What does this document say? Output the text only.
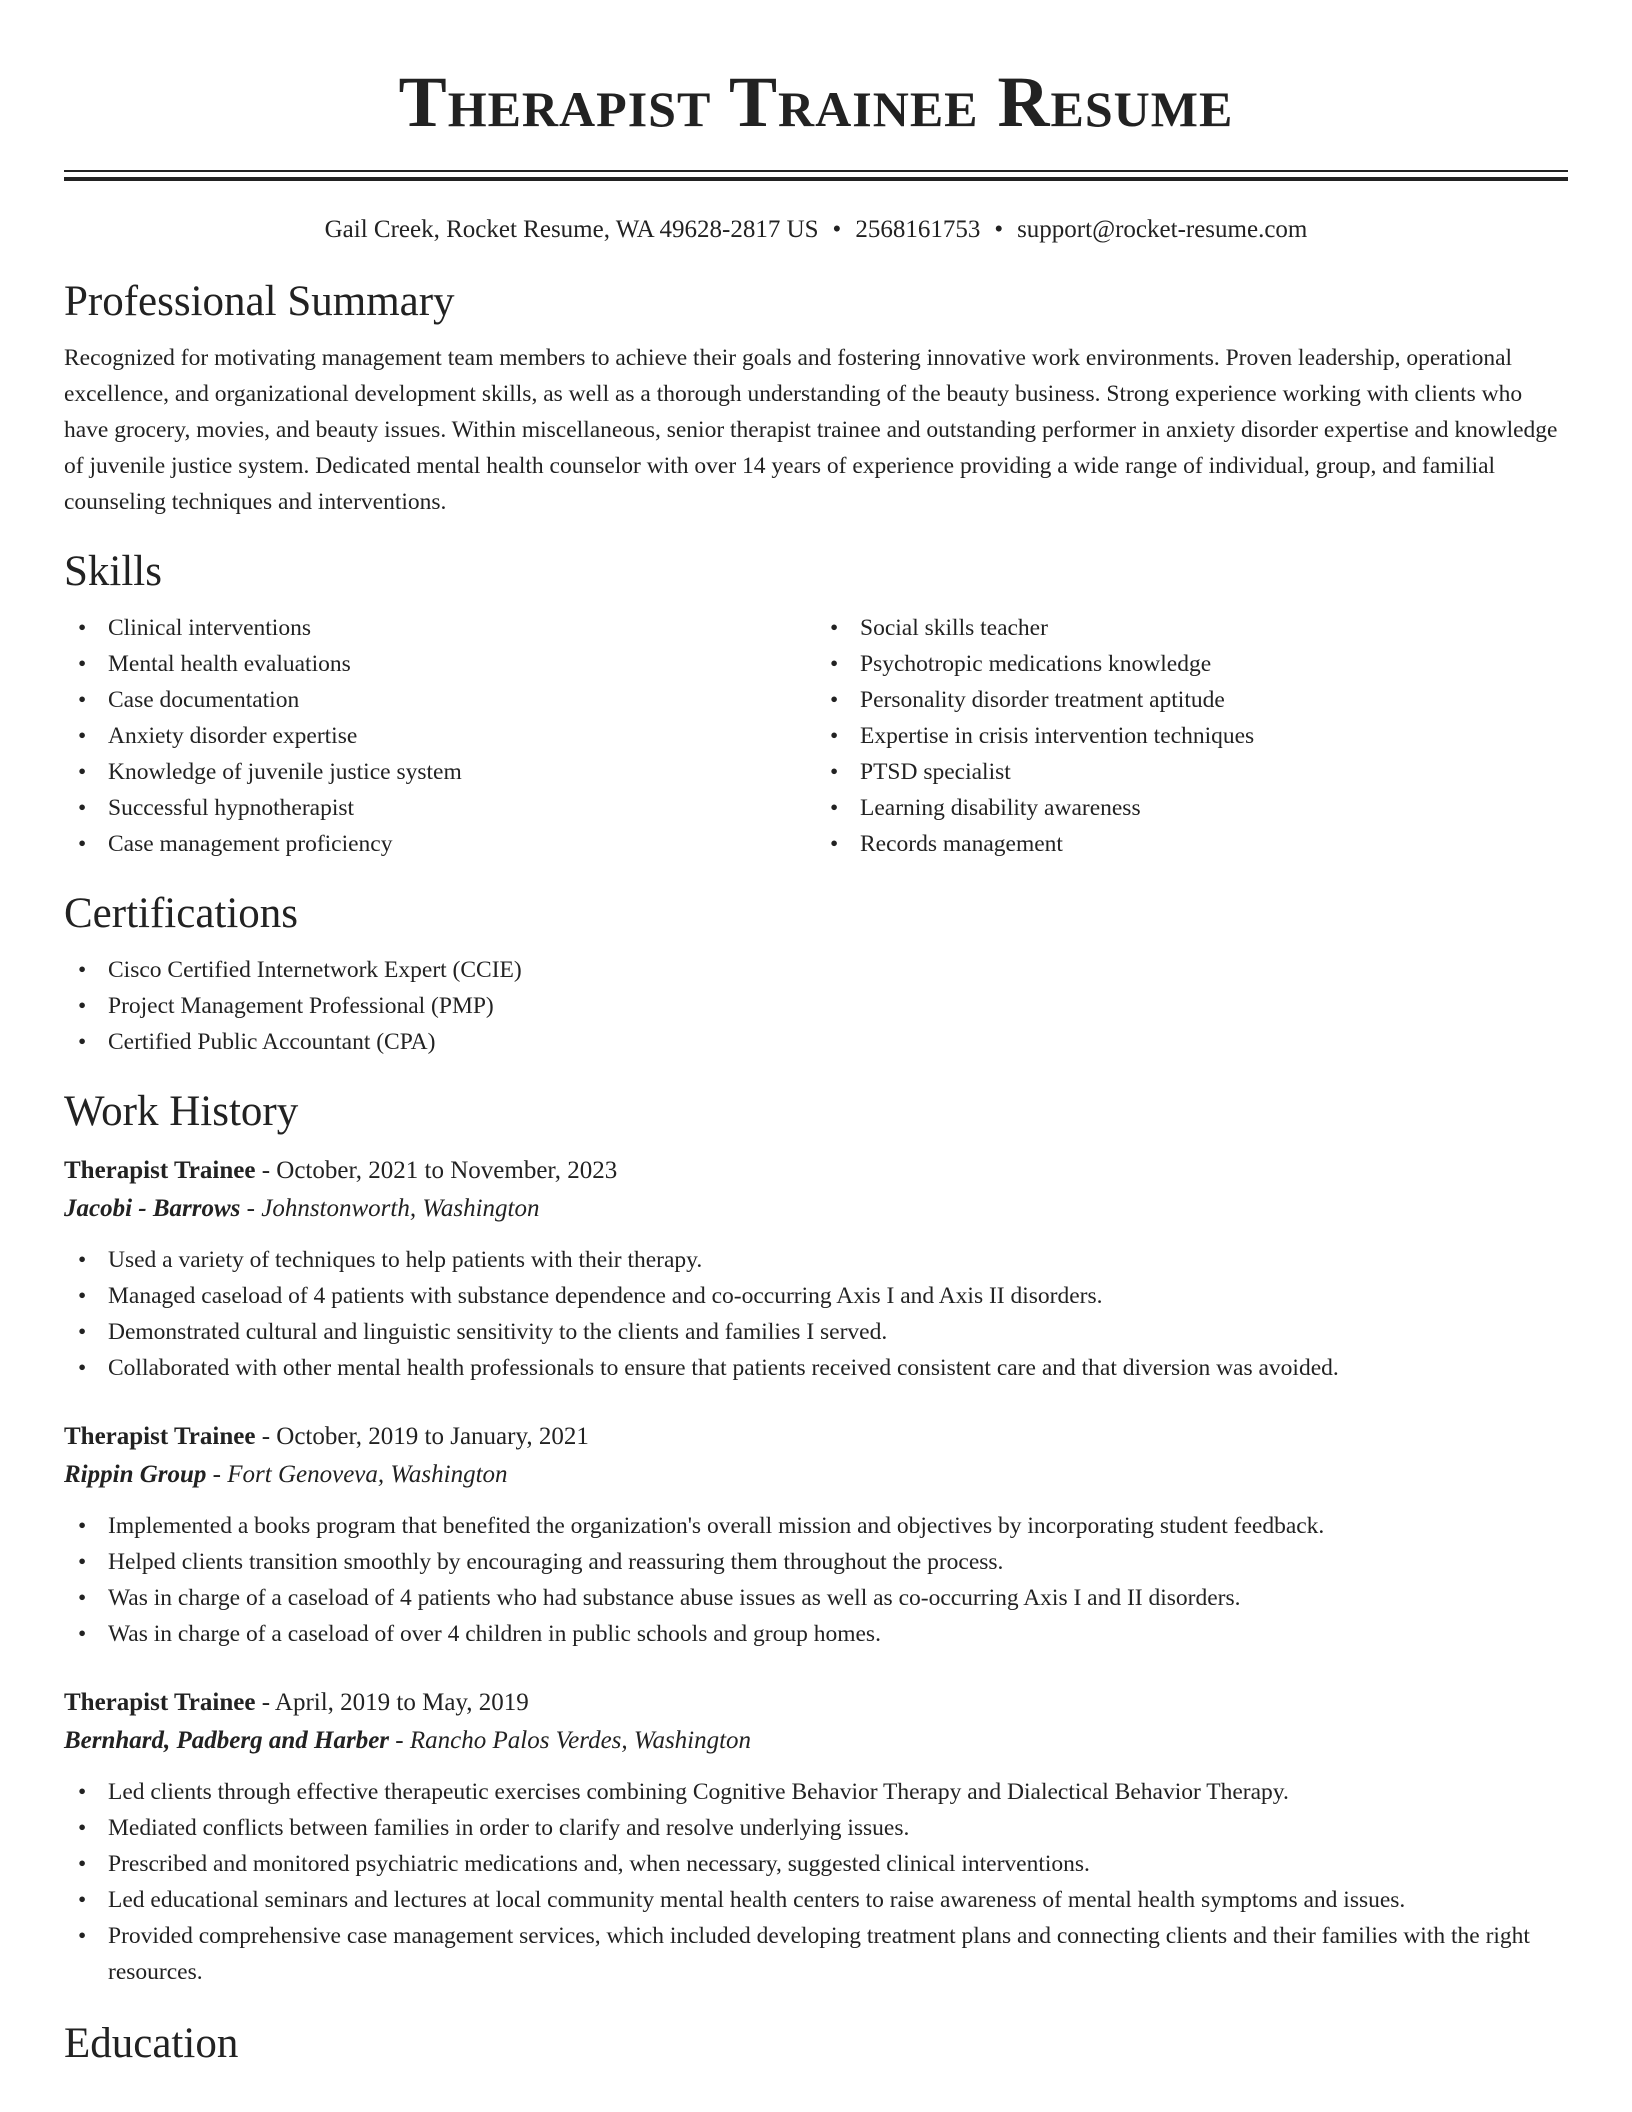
Therapist Trainee Resume
Gail Creek, Rocket Resume, WA 49628-2817 US • 2568161753 • support@rocket-resume.com
Professional Summary

Recognized for motivating management team members to achieve their goals and fostering innovative work environments. Proven leadership, operational excellence, and organizational development skills, as well as a thorough understanding of the beauty business. Strong experience working with clients who have grocery, movies, and beauty issues. Within miscellaneous, senior therapist trainee and outstanding performer in anxiety disorder expertise and knowledge of juvenile justice system. Dedicated mental health counselor with over 14 years of experience providing a wide range of individual, group, and familial counseling techniques and interventions.

Skills
• Clinical interventions
• Mental health evaluations
• Case documentation
• Anxiety disorder expertise
• Knowledge of juvenile justice system
• Successful hypnotherapist
• Case management proficiency
• Social skills teacher
• Psychotropic medications knowledge
• Personality disorder treatment aptitude
• Expertise in crisis intervention techniques
• PTSD specialist
• Learning disability awareness
• Records management
Certifications
• Cisco Certified Internetwork Expert (CCIE)
• Project Management Professional (PMP)
• Certified Public Accountant (CPA)
Work History
Therapist Trainee - October, 2021 to November, 2023
Jacobi - Barrows - Johnstonworth, Washington
• Used a variety of techniques to help patients with their therapy.
• Managed caseload of 4 patients with substance dependence and co-occurring Axis I and Axis II disorders.
• Demonstrated cultural and linguistic sensitivity to the clients and families I served.
• Collaborated with other mental health professionals to ensure that patients received consistent care and that diversion was avoided.
Therapist Trainee - October, 2019 to January, 2021
Rippin Group - Fort Genoveva, Washington
• Implemented a books program that benefited the organization's overall mission and objectives by incorporating student feedback.
• Helped clients transition smoothly by encouraging and reassuring them throughout the process.
• Was in charge of a caseload of 4 patients who had substance abuse issues as well as co-occurring Axis I and II disorders.
• Was in charge of a caseload of over 4 children in public schools and group homes.
Therapist Trainee - April, 2019 to May, 2019
Bernhard, Padberg and Harber - Rancho Palos Verdes, Washington
• Led clients through effective therapeutic exercises combining Cognitive Behavior Therapy and Dialectical Behavior Therapy.
• Mediated conflicts between families in order to clarify and resolve underlying issues.
• Prescribed and monitored psychiatric medications and, when necessary, suggested clinical interventions.
• Led educational seminars and lectures at local community mental health centers to raise awareness of mental health symptoms and issues.
• Provided comprehensive case management services, which included developing treatment plans and connecting clients and their families with the right resources.
Education
